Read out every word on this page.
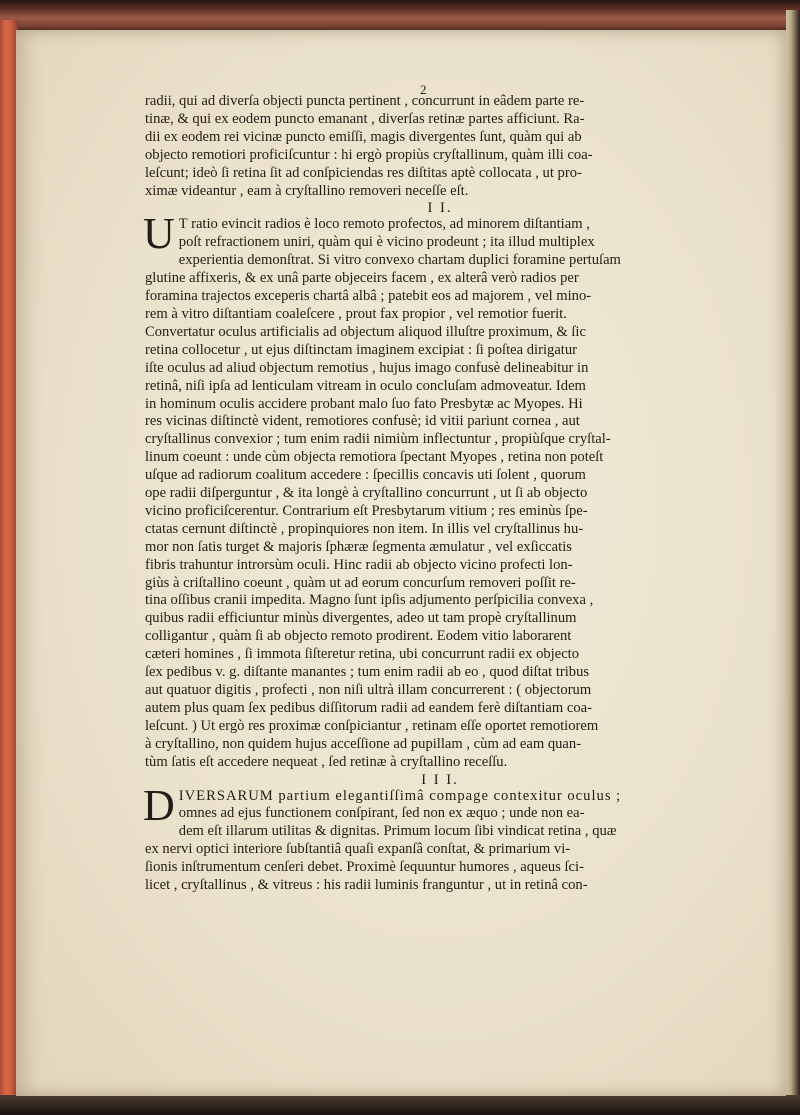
2
radii, qui ad diverſa objecti puncta pertinent , concurrunt in eâdem parte re-
tinæ, & qui ex eodem puncto emanant , diverſas retinæ partes afficiunt. Ra-
dii ex eodem rei vicinæ puncto emiſſi, magis divergentes ſunt, quàm qui ab
objecto remotiori proficiſcuntur : hi ergò propiùs cryſtallinum, quàm illi coa-
leſcunt; ideò ſi retina ſit ad conſpiciendas res diſtitas aptè collocata , ut pro-
ximæ videantur , eam à cryſtallino removeri neceſſe eſt.
I I.
U T ratio evincit radios è loco remoto profectos, ad minorem diſtantiam ,
poſt refractionem uniri, quàm qui è vicino prodeunt ; ita illud multiplex
experientia demonſtrat. Si vitro convexo chartam duplici foramine pertuſam
glutine affixeris, & ex unâ parte objeceirs facem , ex alterâ verò radios per
foramina trajectos exceperis chartâ albâ ; patebit eos ad majorem , vel mino-
rem à vitro diſtantiam coaleſcere , prout fax propior , vel remotior fuerit.
Convertatur oculus artificialis ad objectum aliquod illuſtre proximum, & ſic
retina collocetur , ut ejus diſtinctam imaginem excipiat : ſi poſtea dirigatur
iſte oculus ad aliud objectum remotius , hujus imago confusè delineabitur in
retinâ, niſi ipſa ad lenticulam vitream in oculo concluſam admoveatur. Idem
in hominum oculis accidere probant malo ſuo fato Presbytæ ac Myopes. Hi
res vicinas diſtinctè vident, remotiores confusè; id vitii pariunt cornea , aut
cryſtallinus convexior ; tum enim radii nimiùm inflectuntur , propiùſque cryſtal-
linum coeunt : unde cùm objecta remotiora ſpectant Myopes , retina non poteſt
uſque ad radiorum coalitum accedere : ſpecillis concavis uti ſolent , quorum
ope radii diſperguntur , & ita longè à cryſtallino concurrunt , ut ſi ab objecto
vicino proficiſcerentur. Contrarium eſt Presbytarum vitium ; res eminùs ſpe-
ctatas cernunt diſtinctè , propinquiores non item. In illis vel cryſtallinus hu-
mor non ſatis turget & majoris ſphæræ ſegmenta æmulatur , vel exſiccatis
fibris trahuntur introrsùm oculi. Hinc radii ab objecto vicino profecti lon-
giùs à criſtallino coeunt , quàm ut ad eorum concurſum removeri poſſit re-
tina oſſibus cranii impedita. Magno ſunt ipſis adjumento perſpicilia convexa ,
quibus radii efficiuntur minùs divergentes, adeo ut tam propè cryſtallinum
colligantur , quàm ſi ab objecto remoto prodirent. Eodem vitio laborarent
cæteri homines , ſi immota ſiſteretur retina, ubi concurrunt radii ex objecto
ſex pedibus v. g. diſtante manantes ; tum enim radii ab eo , quod diſtat tribus
aut quatuor digitis , profecti , non niſi ultrà illam concurrerent : ( objectorum
autem plus quam ſex pedibus diſſitorum radii ad eandem ferè diſtantiam coa-
leſcunt. ) Ut ergò res proximæ conſpiciantur , retinam eſſe oportet remotiorem
à cryſtallino, non quidem hujus acceſſione ad pupillam , cùm ad eam quan-
tùm ſatis eſt accedere nequeat , ſed retinæ à cryſtallino receſſu.
I I I.
D IVERSARUM partium elegantiſſimâ compage contexitur oculus ;
omnes ad ejus functionem conſpirant, ſed non ex æquo ; unde non ea-
dem eſt illarum utilitas & dignitas. Primum locum ſibi vindicat retina , quæ
ex nervi optici interiore ſubſtantiâ quaſi expanſâ conſtat, & primarium vi-
ſionis inſtrumentum cenſeri debet. Proximè ſequuntur humores , aqueus ſci-
licet , cryſtallinus , & vitreus : his radii luminis franguntur , ut in retinâ con-
